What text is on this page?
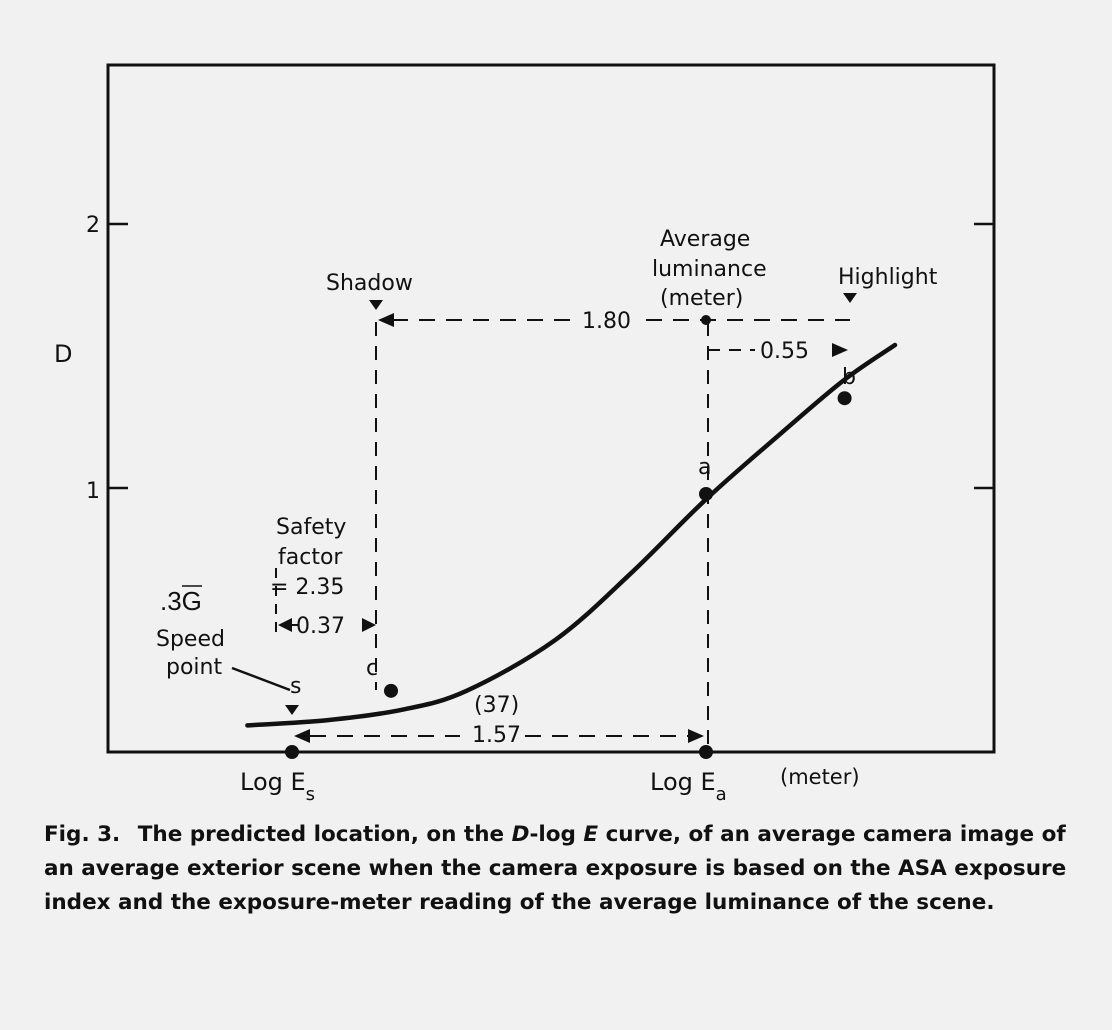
2
1
D
s
c
a
b
Shadow	Highlight
Average
luminance
(meter)
1.80
0.55
Safety
factor
= 2.35
0.37
Speed
point
.3G
(37)
1.57
Log $E_s$	Log $E_a$
(meter)
Fig. 3. The predicted location, on the D-log E curve, of an average camera image of an average exterior scene when the camera exposure is based on the ASA exposure index and the exposure-meter reading of the average luminance of the scene.
